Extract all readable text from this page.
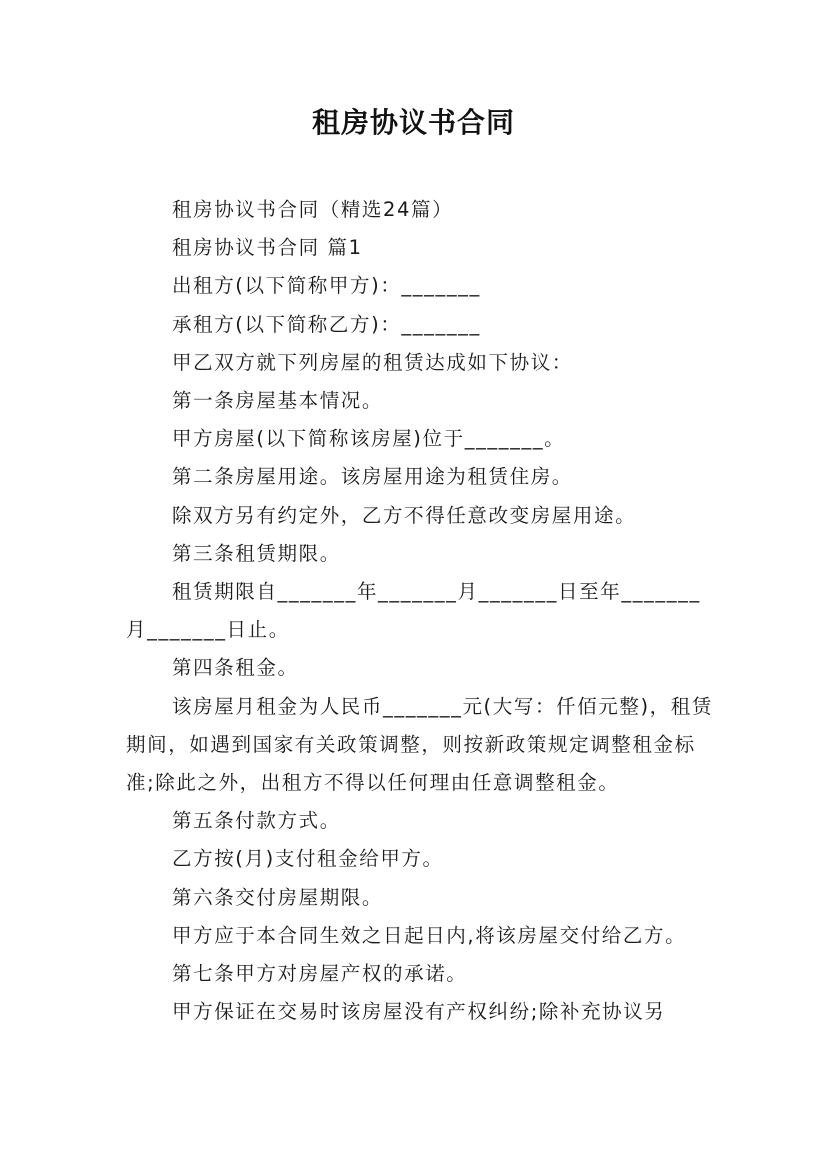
租房协议书合同

租房协议书合同（精选24篇）

租房协议书合同 篇1

出租方(以下简称甲方)：_______

承租方(以下简称乙方)：_______

甲乙双方就下列房屋的租赁达成如下协议：

第一条房屋基本情况。

甲方房屋(以下简称该房屋)位于_______。

第二条房屋用途。该房屋用途为租赁住房。

除双方另有约定外，乙方不得任意改变房屋用途。

第三条租赁期限。

租赁期限自_______年_______月_______日至年_______月_______日止。

第四条租金。

该房屋月租金为人民币_______元(大写：仟佰元整)，租赁期间，如遇到国家有关政策调整，则按新政策规定调整租金标准;除此之外，出租方不得以任何理由任意调整租金。

第五条付款方式。

乙方按(月)支付租金给甲方。

第六条交付房屋期限。

甲方应于本合同生效之日起日内,将该房屋交付给乙方。

第七条甲方对房屋产权的承诺。

甲方保证在交易时该房屋没有产权纠纷;除补充协议另
